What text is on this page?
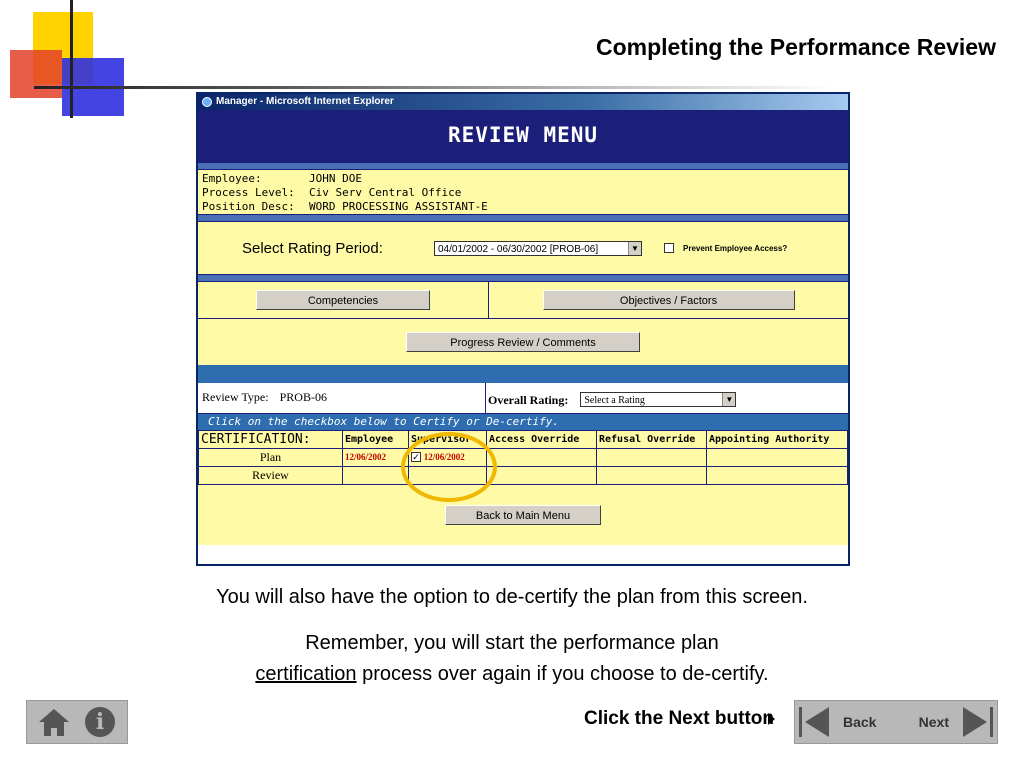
Completing the Performance Review
Manager - Microsoft Internet Explorer
REVIEW MENU
Employee:	JOHN DOE
Process Level:	Civ Serv Central Office
Position Desc:	WORD PROCESSING ASSISTANT-E
Select Rating Period:	04/01/2002 - 06/30/2002 [PROB-06]	▼	Prevent Employee Access?
Competencies	Objectives / Factors
Progress Review / Comments
Review Type: PROB-06	Overall Rating:	Select a Rating	▼
Click on the checkbox below to Certify or De-certify.
CERTIFICATION:	Employee	Supervisor	Access Override	Refusal Override	Appointing Authority
Plan	12/06/2002	✓ 12/06/2002			
Review					
Back to Main Menu
You will also have the option to de-certify the plan from this screen.
Remember, you will start the performance plan
certification process over again if you choose to de-certify.
i	Click the Next button	Back	Next
